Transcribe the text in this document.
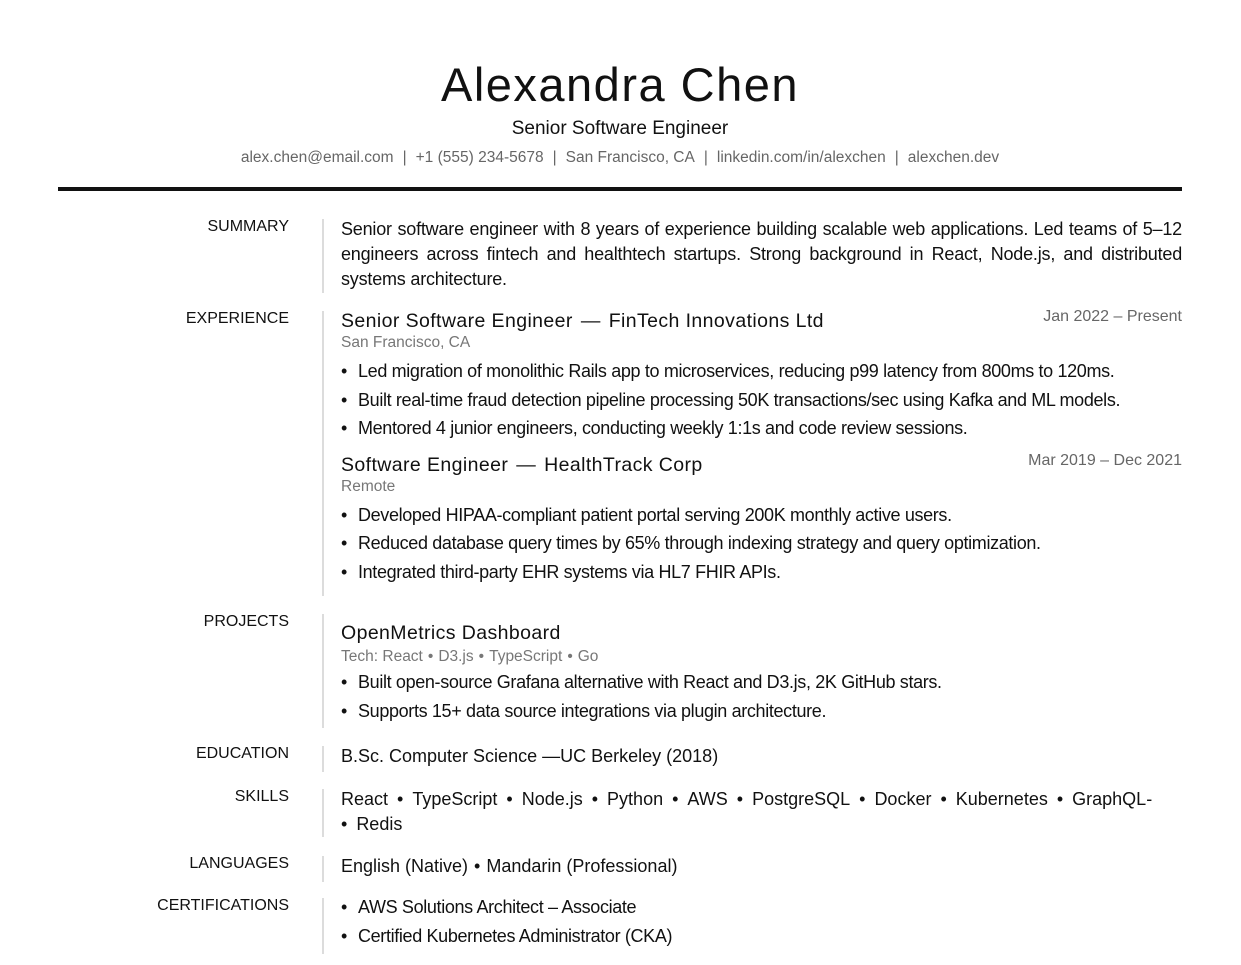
Alexandra Chen
Senior Software Engineer
alex.chen@email.com | +1 (555) 234-5678 | San Francisco, CA | linkedin.com/in/alexchen | alexchen.dev
SUMMARY	Senior software engineer with 8 years of experience building scalable web applications. Led teams of 5–12 engineers across fintech and healthtech startups. Strong background in React, Node.js, and distributed systems architecture.
EXPERIENCE	Senior Software Engineer — FinTech Innovations Ltd	Jan 2022 – Present
San Francisco, CA
• Led migration of monolithic Rails app to microservices, reducing p99 latency from 800ms to 120ms.
• Built real-time fraud detection pipeline processing 50K transactions/sec using Kafka and ML models.
• Mentored 4 junior engineers, conducting weekly 1:1s and code review sessions.
Software Engineer — HealthTrack Corp	Mar 2019 – Dec 2021
Remote
• Developed HIPAA-compliant patient portal serving 200K monthly active users.
• Reduced database query times by 65% through indexing strategy and query optimization.
• Integrated third-party EHR systems via HL7 FHIR APIs.
PROJECTS
OpenMetrics Dashboard
Tech: React • D3.js • TypeScript • Go
• Built open-source Grafana alternative with React and D3.js, 2K GitHub stars.
• Supports 15+ data source integrations via plugin architecture.
EDUCATION	B.Sc. Computer Science —UC Berkeley (2018)
SKILLS	React • TypeScript • Node.js • Python • AWS • PostgreSQL • Docker • Kubernetes • GraphQL-
• Redis
LANGUAGES	English (Native) • Mandarin (Professional)
CERTIFICATIONS	• AWS Solutions Architect – Associate
• Certified Kubernetes Administrator (CKA)
